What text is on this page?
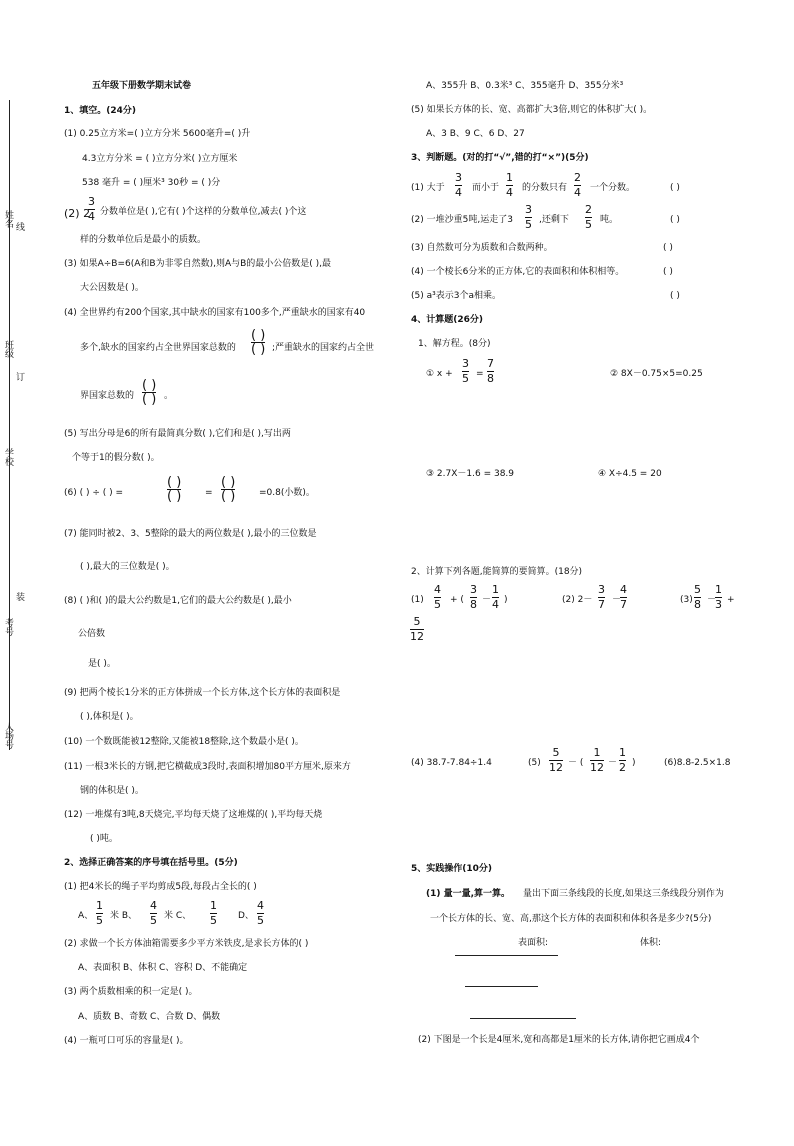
姓名 线
班级
订
学校
装
考号
人场号
五年级下册数学期末试卷
1、填空。(24分)
(1) 0.25立方米=( )立方分米 5600毫升=( )升
4.3立方分米 = ( )立方分米( )立方厘米
538 毫升 = ( )厘米³ 30秒 = ( )分
(2) 2
3
4 分数单位是( ),它有( )个这样的分数单位,减去( )个这
样的分数单位后是最小的质数。
(3) 如果A÷B=6(A和B为非零自然数),则A与B的最小公倍数是( ),最
大公因数是( )。
(4) 全世界约有200个国家,其中缺水的国家有100多个,严重缺水的国家有40
多个,缺水的国家约占全世界国家总数的
( )

( ) ;严重缺水的国家约占全世
界国家总数的
( )

( ) 。
(5) 写出分母是6的所有最简真分数( ),它们和是( ),写出两
个等于1的假分数( )。
(6) ( ) ÷ ( ) =
( )

( )	=
( )

( )	=0.8(小数)。
(7) 能同时被2、3、5整除的最大的两位数是( ),最小的三位数是
( ),最大的三位数是( )。
(8) ( )和( )的最大公约数是1,它们的最大公约数是( ),最小
公倍数
是( )。
(9) 把两个棱长1分米的正方体拼成一个长方体,这个长方体的表面积是
( ),体积是( )。
(10) 一个数既能被12整除,又能被18整除,这个数最小是( )。
(11) 一根3米长的方钢,把它横截成3段时,表面积增加80平方厘米,原来方
钢的体积是( )。
(12) 一堆煤有3吨,8天烧完,平均每天烧了这堆煤的( ),平均每天烧
( )吨。
2、选择正确答案的序号填在括号里。(5分)
(1) 把4米长的绳子平均剪成5段,每段占全长的( )
A、
1
5 米 B、
4
5 米 C、
1
5 D、
4
5
(2) 求做一个长方体油箱需要多少平方米铁皮,是求长方体的( )
A、表面积 B、体积 C、容积 D、不能确定
(3) 两个质数相乘的积一定是( )。
A、质数 B、奇数 C、合数 D、偶数
(4) 一瓶可口可乐的容量是( )。
A、355升 B、0.3米³ C、355毫升 D、355分米³
(5) 如果长方体的长、宽、高都扩大3倍,则它的体积扩大( )。
A、3 B、9 C、6 D、27
3、判断题。(对的打“√”,错的打“×”)(5分)
(1) 大于
3
4 而小于
1
4 的分数只有
2
4 一个分数。	( )
(2) 一堆沙重5吨,运走了3
3
5 ,还剩下
2
5 吨。	( )
(3) 自然数可分为质数和合数两种。	( )
(4) 一个棱长6分米的正方体,它的表面积和体积相等。	( )
(5) a³表示3个a相乘。	( )
4、计算题(26分)
1、解方程。(8分)
① x +
3
5 =
7
8	② 8X－0.75×5=0.25
③ 2.7X－1.6 = 38.9	④ X÷4.5 = 20
2、计算下列各题,能简算的要简算。(18分)
(1)
4
5 + (
3
8 －
1
4 )	(2) 2－
3
7 －
4
7	(3)
5
8 －
1
3 +
5
12
(4) 38.7-7.84÷1.4	(5)
5
12 － (
1
12 －
1
2 )	(6)8.8-2.5×1.8
5、实践操作(10分)
(1) 量一量,算一算。 量出下面三条线段的长度,如果这三条线段分别作为
一个长方体的长、宽、高,那这个长方体的表面积和体积各是多少?(5分)
表面积:	体积:
(2) 下图是一个长是4厘米,宽和高都是1厘米的长方体,请你把它画成4个
